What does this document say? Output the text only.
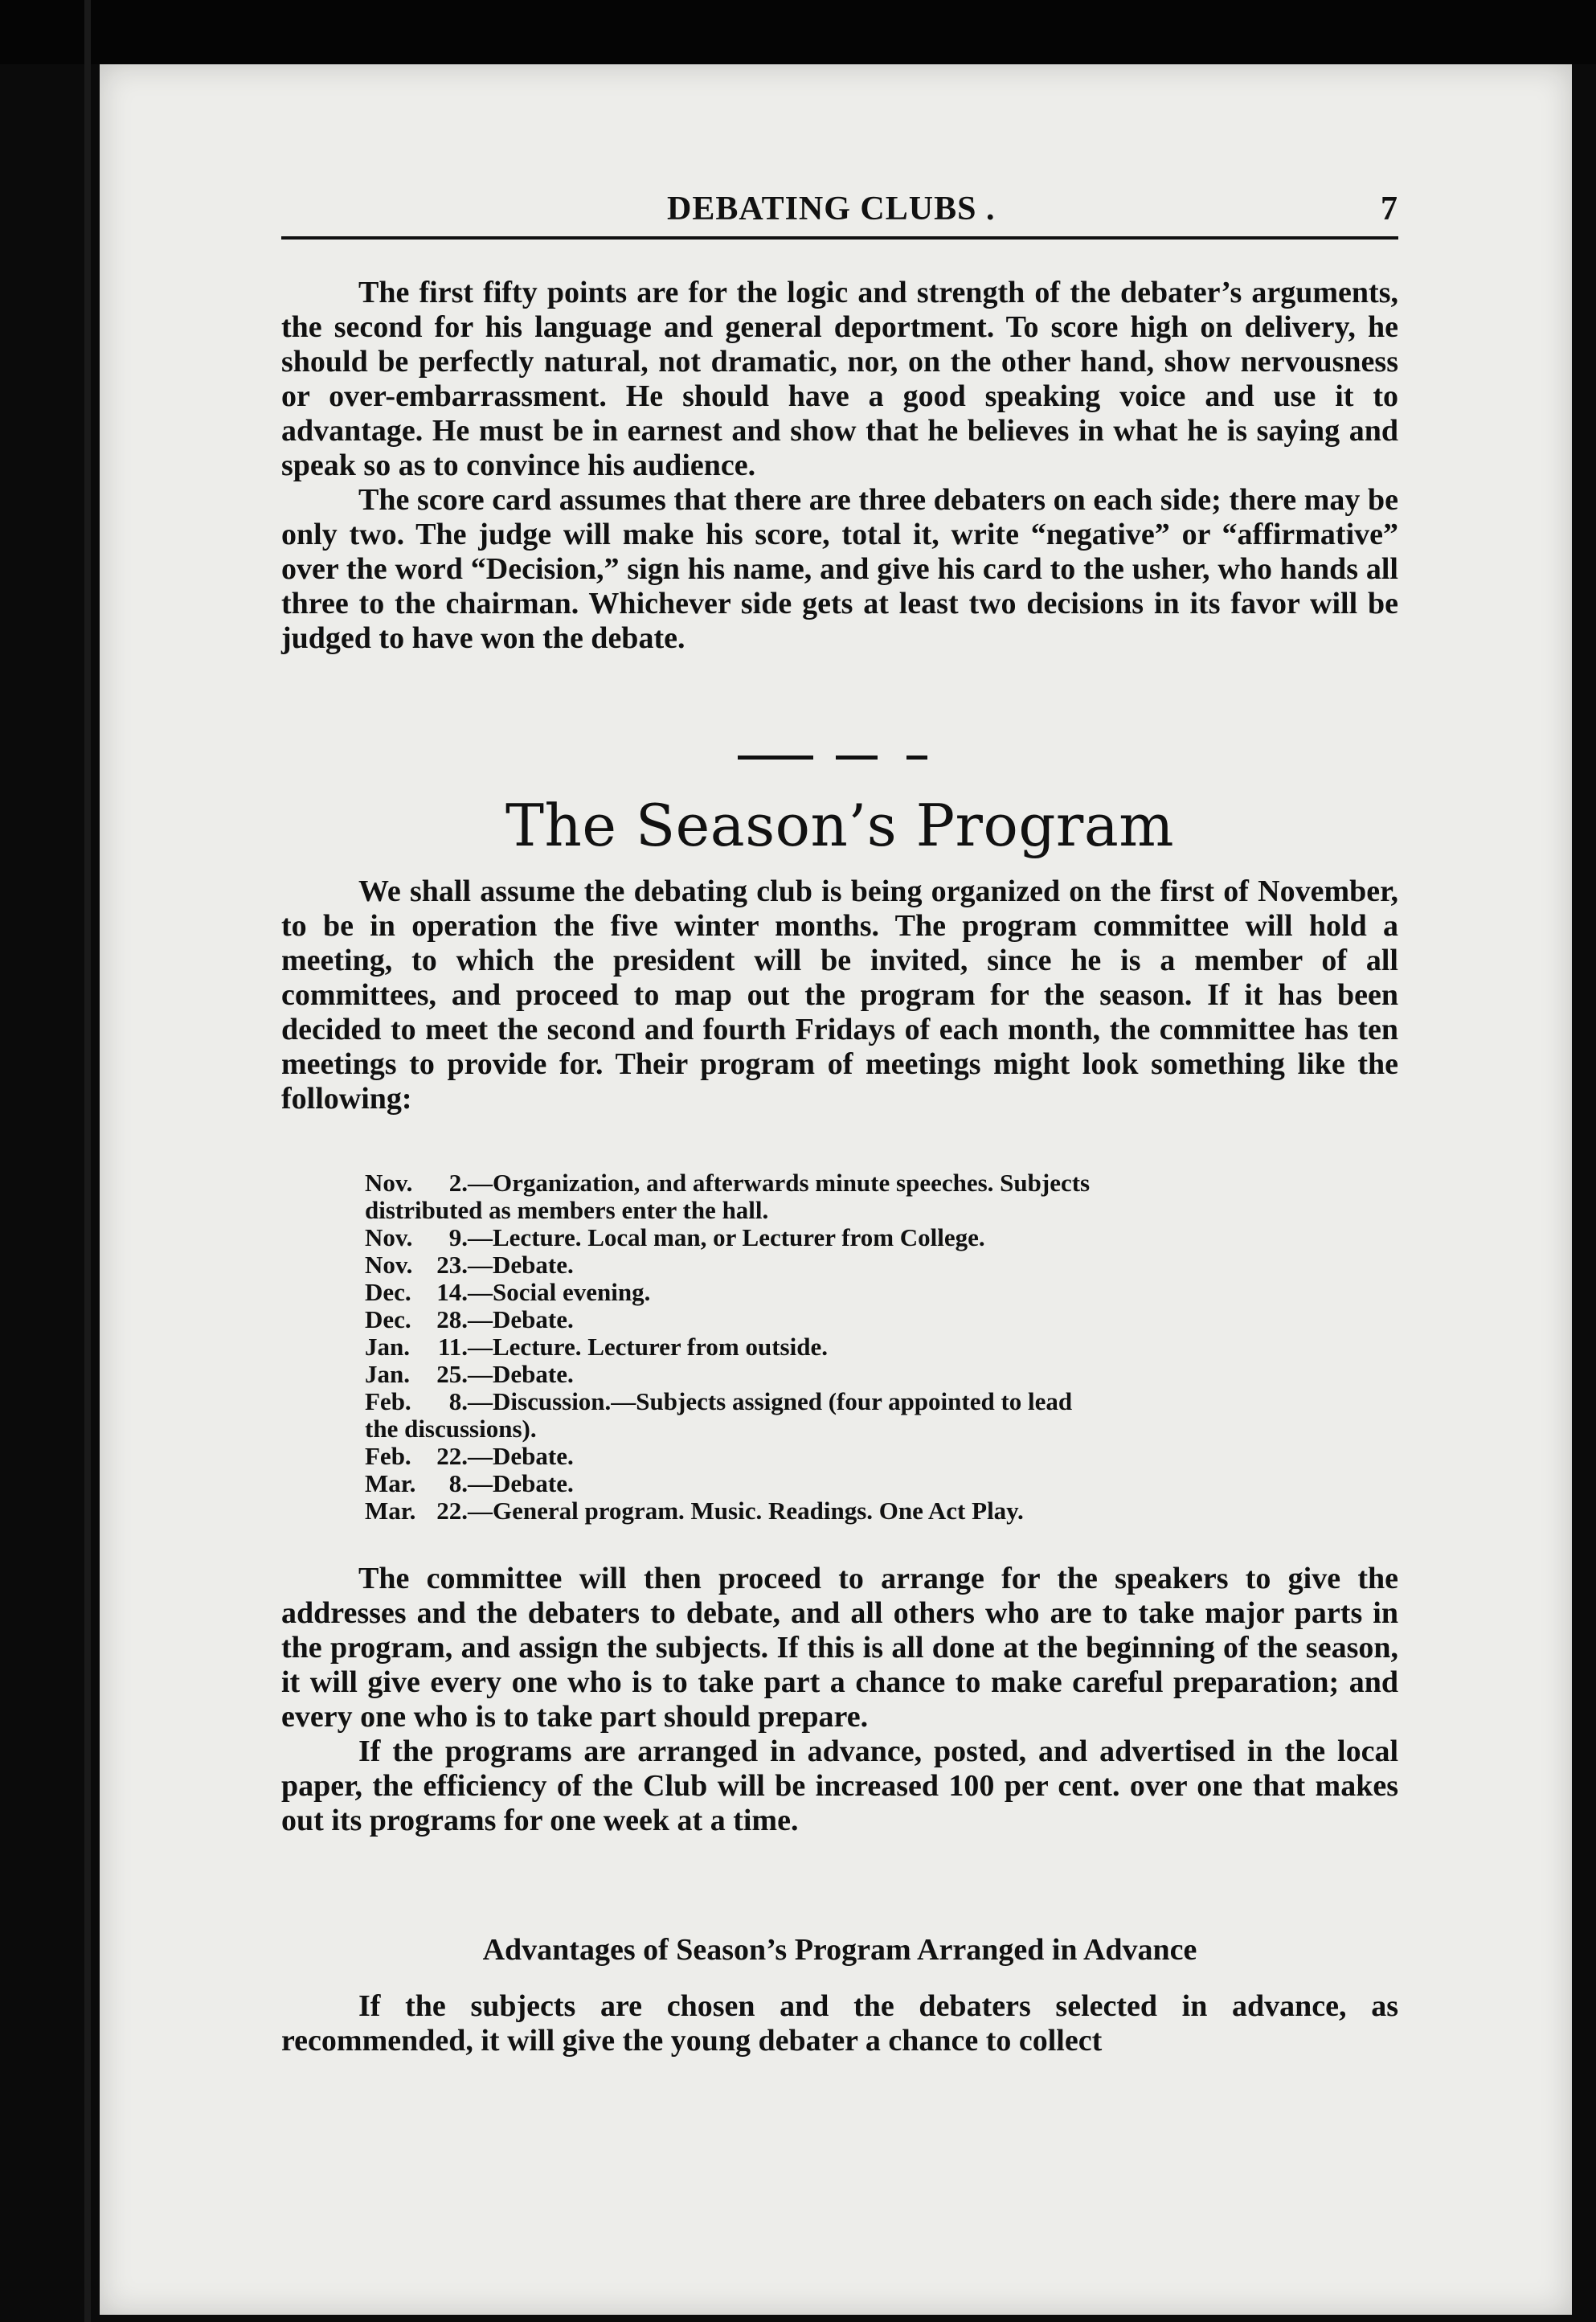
DEBATING CLUBS .	7

The first fifty points are for the logic and strength of the debater’s arguments, the second for his language and general deportment. To score high on delivery, he should be perfectly natural, not dramatic, nor, on the other hand, show nervousness or over-embarrassment. He should have a good speaking voice and use it to advantage. He must be in earnest and show that he believes in what he is saying and speak so as to convince his audience.

The score card assumes that there are three debaters on each side; there may be only two. The judge will make his score, total it, write “negative” or “affirmative” over the word “Decision,” sign his name, and give his card to the usher, who hands all three to the chairman. Whichever side gets at least two decisions in its favor will be judged to have won the debate.

The Season’s Program

We shall assume the debating club is being organized on the first of November, to be in operation the five winter months. The program committee will hold a meeting, to which the president will be invited, since he is a member of all committees, and proceed to map out the program for the season. If it has been decided to meet the second and fourth Fridays of each month, the committee has ten meetings to provide for. Their program of meetings might look something like the following:

Nov.	2. —Organization, and afterwards minute speeches. Subjects
distributed as members enter the hall.
Nov.	9. —Lecture. Local man, or Lecturer from College.
Nov. 23. —Debate.
Dec.	14. —Social evening.
Dec.	28. —Debate.
Jan.	11. —Lecture. Lecturer from outside.
Jan.	25. —Debate.
Feb.	8. —Discussion.—Subjects assigned (four appointed to lead
the discussions).
Feb.	22. —Debate.
Mar.	8. —Debate.
Mar. 22. —General program. Music. Readings. One Act Play.

The committee will then proceed to arrange for the speakers to give the addresses and the debaters to debate, and all others who are to take major parts in the program, and assign the subjects. If this is all done at the beginning of the season, it will give every one who is to take part a chance to make careful preparation; and every one who is to take part should prepare.

If the programs are arranged in advance, posted, and advertised in the local paper, the efficiency of the Club will be increased 100 per cent. over one that makes out its programs for one week at a time.

Advantages of Season’s Program Arranged in Advance

If the subjects are chosen and the debaters selected in advance, as recommended, it will give the young debater a chance to collect
